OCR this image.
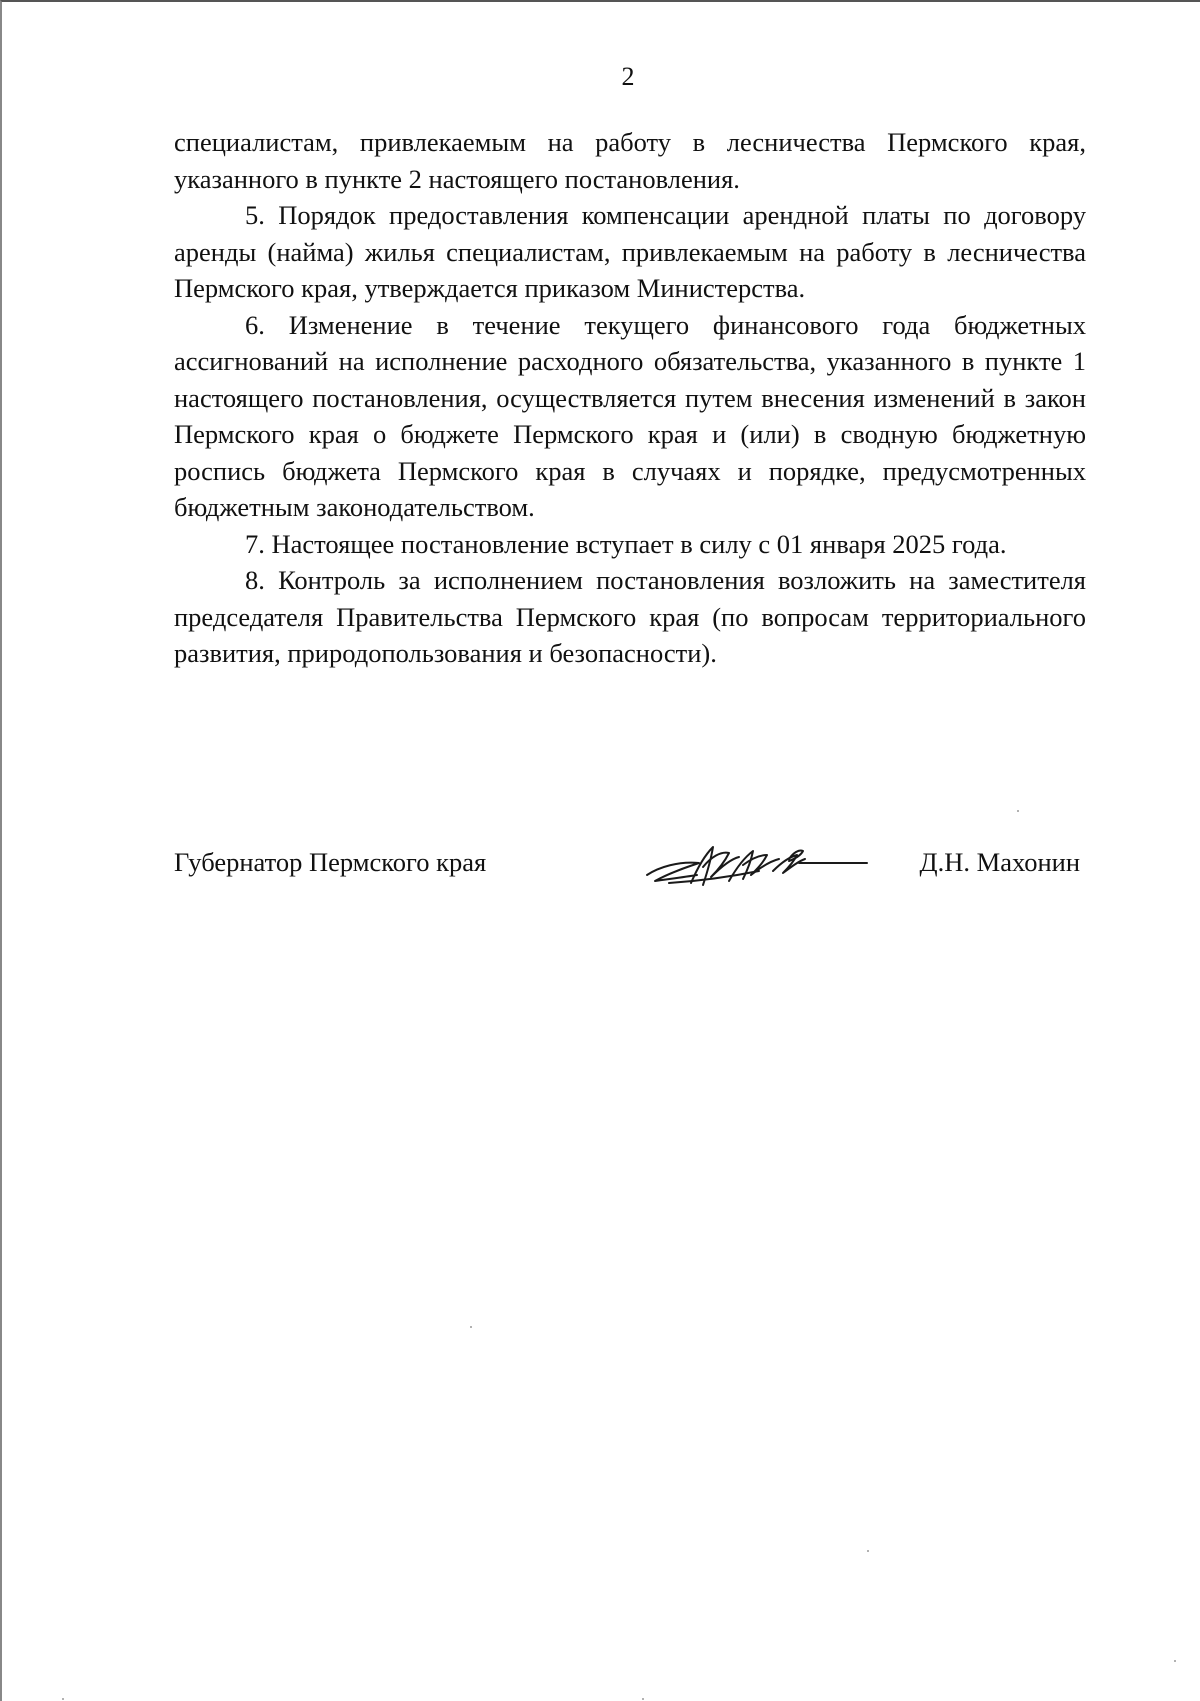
2

специалистам, привлекаемым на работу в лесничества Пермского края, указанного в пункте 2 настоящего постановления.

5. Порядок предоставления компенсации арендной платы по договору аренды (найма) жилья специалистам, привлекаемым на работу в лесничества Пермского края, утверждается приказом Министерства.

6. Изменение в течение текущего финансового года бюджетных ассигнований на исполнение расходного обязательства, указанного в пункте 1 настоящего постановления, осуществляется путем внесения изменений в закон Пермского края о бюджете Пермского края и (или) в сводную бюджетную роспись бюджета Пермского края в случаях и порядке, предусмотренных бюджетным законодательством.

7. Настоящее постановление вступает в силу с 01 января 2025 года.

8. Контроль за исполнением постановления возложить на заместителя председателя Правительства Пермского края (по вопросам территориального развития, природопользования и безопасности).

Губернатор Пермского края	Д.Н. Махонин
